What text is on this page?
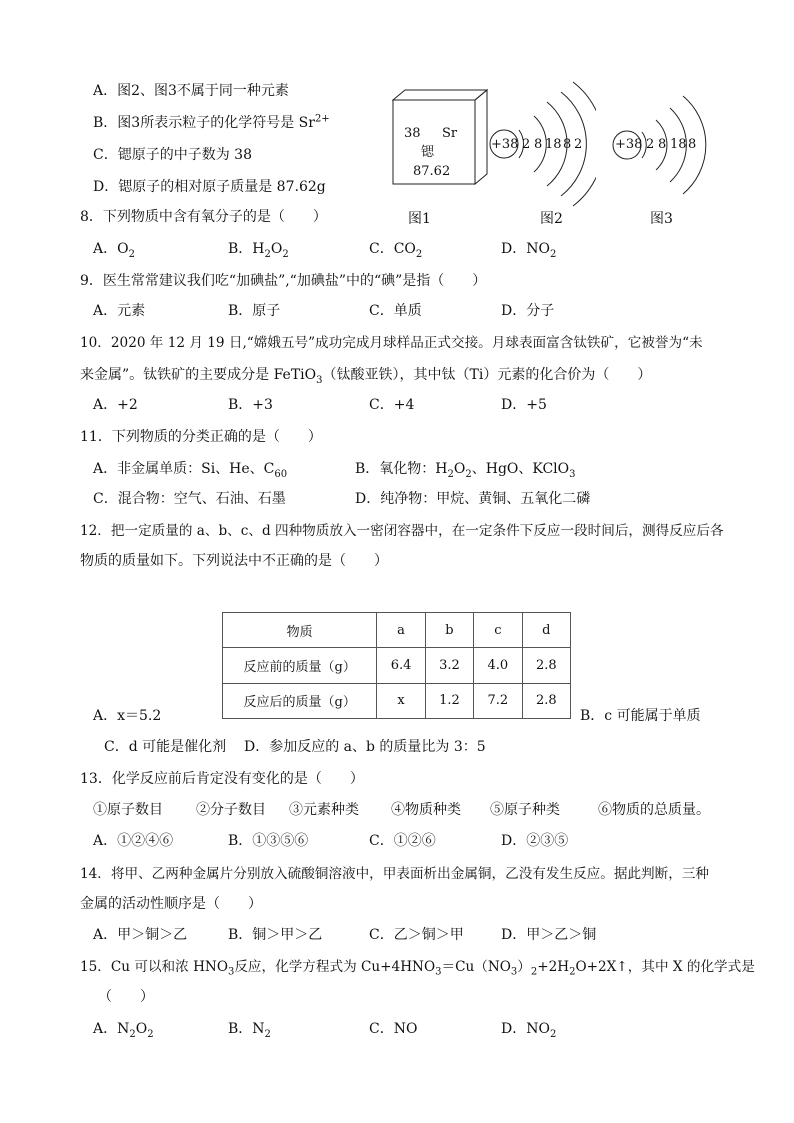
A．图2、图3不属于同一种元素
B．图3所表示粒子的化学符号是 $Sr^{2+}$
C．锶原子的中子数为 38
D．锶原子的相对原子质量是 87.62g
38 Sr
锶
87.62
图1
+38 2 8 18 8 2
图2
+38 2 8 18 8
图3
8．下列物质中含有氧分子的是（　　）
A．$O_2$	B．$H_2O_2$	C．$CO_2$	D．$NO_2$
9．医生常常建议我们吃“加碘盐”,“加碘盐”中的“碘”是指（　　）
A．元素	B．原子	C．单质	D．分子
10．2020 年 12 月 19 日,“嫦娥五号”成功完成月球样品正式交接。月球表面富含钛铁矿，它被誉为“未
来金属”。钛铁矿的主要成分是 FeTiO$_3$（钛酸亚铁），其中钛（Ti）元素的化合价为（　　）
A．+2	B．+3	C．+4	D．+5
11．下列物质的分类正确的是（　　）
A．非金属单质：Si、He、$C_{60}$	B．氧化物：$H_2O_2$、HgO、KClO$_3$
C．混合物：空气、石油、石墨	D．纯净物：甲烷、黄铜、五氧化二磷
12．把一定质量的 a、b、c、d 四种物质放入一密闭容器中，在一定条件下反应一段时间后，测得反应后各
物质的质量如下。下列说法中不正确的是（　　）
物质	a	b	c	d
反应前的质量（g）	6.4	3.2	4.0	2.8
反应后的质量（g）	x	1.2	7.2	2.8
A．x＝5.2	B．c 可能属于单质
C．d 可能是催化剂 D．参加反应的 a、b 的质量比为 3：5
13．化学反应前后肯定没有变化的是（　　）
①原子数目 ②分子数目 ③元素种类 ④物质种类 ⑤原子种类	⑥物质的总质量。
A．①②④⑥	B．①③⑤⑥	C．①②⑥	D．②③⑤
14．将甲、乙两种金属片分别放入硫酸铜溶液中，甲表面析出金属铜，乙没有发生反应。据此判断，三种
金属的活动性顺序是（　　）
A．甲＞铜＞乙	B．铜＞甲＞乙	C．乙＞铜＞甲	D．甲＞乙＞铜
15．Cu 可以和浓 $HNO_3$反应，化学方程式为 $Cu+4HNO_3=Cu(NO_3)_2+2H_2O+2X↑$，其中 X 的化学式是
（　　）
A．$N_2O_2$	B．$N_2$	C．NO	D．$NO_2$
